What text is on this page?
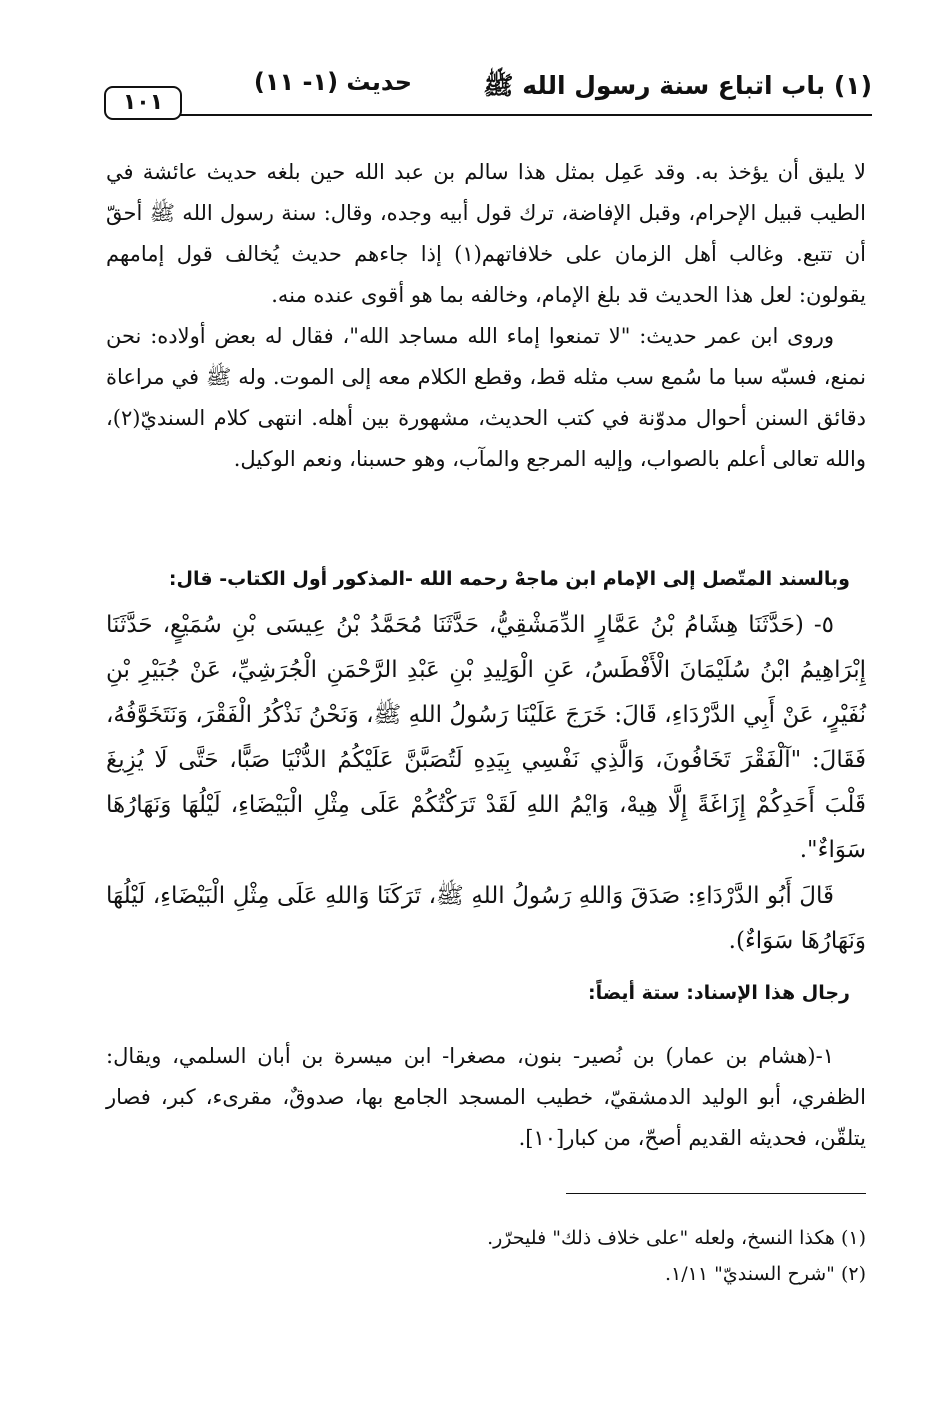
(١) باب اتباع سنة رسول الله ﷺ
حديث (١- ١١)
١٠١

لا يليق أن يؤخذ به. وقد عَمِل بمثل هذا سالم بن عبد الله حين بلغه حديث عائشة في الطيب قبيل الإحرام، وقبل الإفاضة، ترك قول أبيه وجده، وقال: سنة رسول الله ﷺ أحقّ أن تتبع. وغالب أهل الزمان على خلافاتهم(١) إذا جاءهم حديث يُخالف قول إمامهم يقولون: لعل هذا الحديث قد بلغ الإمام، وخالفه بما هو أقوى عنده منه.

وروى ابن عمر حديث: "لا تمنعوا إماء الله مساجد الله"، فقال له بعض أولاده: نحن نمنع، فسبّه سبا ما سُمع سب مثله قط، وقطع الكلام معه إلى الموت. وله ﷺ في مراعاة دقائق السنن أحوال مدوّنة في كتب الحديث، مشهورة بين أهله. انتهى كلام السنديّ(٢)، والله تعالى أعلم بالصواب، وإليه المرجع والمآب، وهو حسبنا، ونعم الوكيل.

وبالسند المتّصل إلى الإمام ابن ماجهْ رحمه الله -المذكور أول الكتاب- قال:

٥- (حَدَّثَنَا هِشَامُ بْنُ عَمَّارٍ الدِّمَشْقِيُّ، حَدَّثَنَا مُحَمَّدُ بْنُ عِيسَى بْنِ سُمَيْعٍ، حَدَّثَنَا إِبْرَاهِيمُ ابْنُ سُلَيْمَانَ الْأَفْطَسُ، عَنِ الْوَلِيدِ بْنِ عَبْدِ الرَّحْمَنِ الْجُرَشِيِّ، عَنْ جُبَيْرِ بْنِ نُفَيْرٍ، عَنْ أَبِي الدَّرْدَاءِ، قَالَ: خَرَجَ عَلَيْنَا رَسُولُ اللهِ ﷺ، وَنَحْنُ نَذْكُرُ الْفَقْرَ، وَنَتَخَوَّفُهُ، فَقَالَ: "آلْفَقْرَ تَخَافُونَ، وَالَّذِي نَفْسِي بِيَدِهِ لَتُصَبَّنَّ عَلَيْكُمُ الدُّنْيَا صَبًّا، حَتَّى لَا يُزِيغَ قَلْبَ أَحَدِكُمْ إِزَاغَةً إِلَّا هِيهْ، وَايْمُ اللهِ لَقَدْ تَرَكْتُكُمْ عَلَى مِثْلِ الْبَيْضَاءِ، لَيْلُهَا وَنَهَارُهَا سَوَاءٌ".

قَالَ أَبُو الدَّرْدَاءِ: صَدَقَ وَاللهِ رَسُولُ اللهِ ﷺ، تَرَكَنَا وَاللهِ عَلَى مِثْلِ الْبَيْضَاءِ، لَيْلُهَا وَنَهَارُهَا سَوَاءٌ).

رجال هذا الإسناد: ستة أيضاً:

١-(هشام بن عمار) بن نُصير- بنون، مصغرا- ابن ميسرة بن أبان السلمي، ويقال: الظفري، أبو الوليد الدمشقيّ، خطيب المسجد الجامع بها، صدوقٌ، مقرىء، كبر، فصار يتلقّن، فحديثه القديم أصحّ، من كبار[١٠].

(١) هكذا النسخ، ولعله "على خلاف ذلك" فليحرّر.

(٢) "شرح السنديّ" ١/١١.
